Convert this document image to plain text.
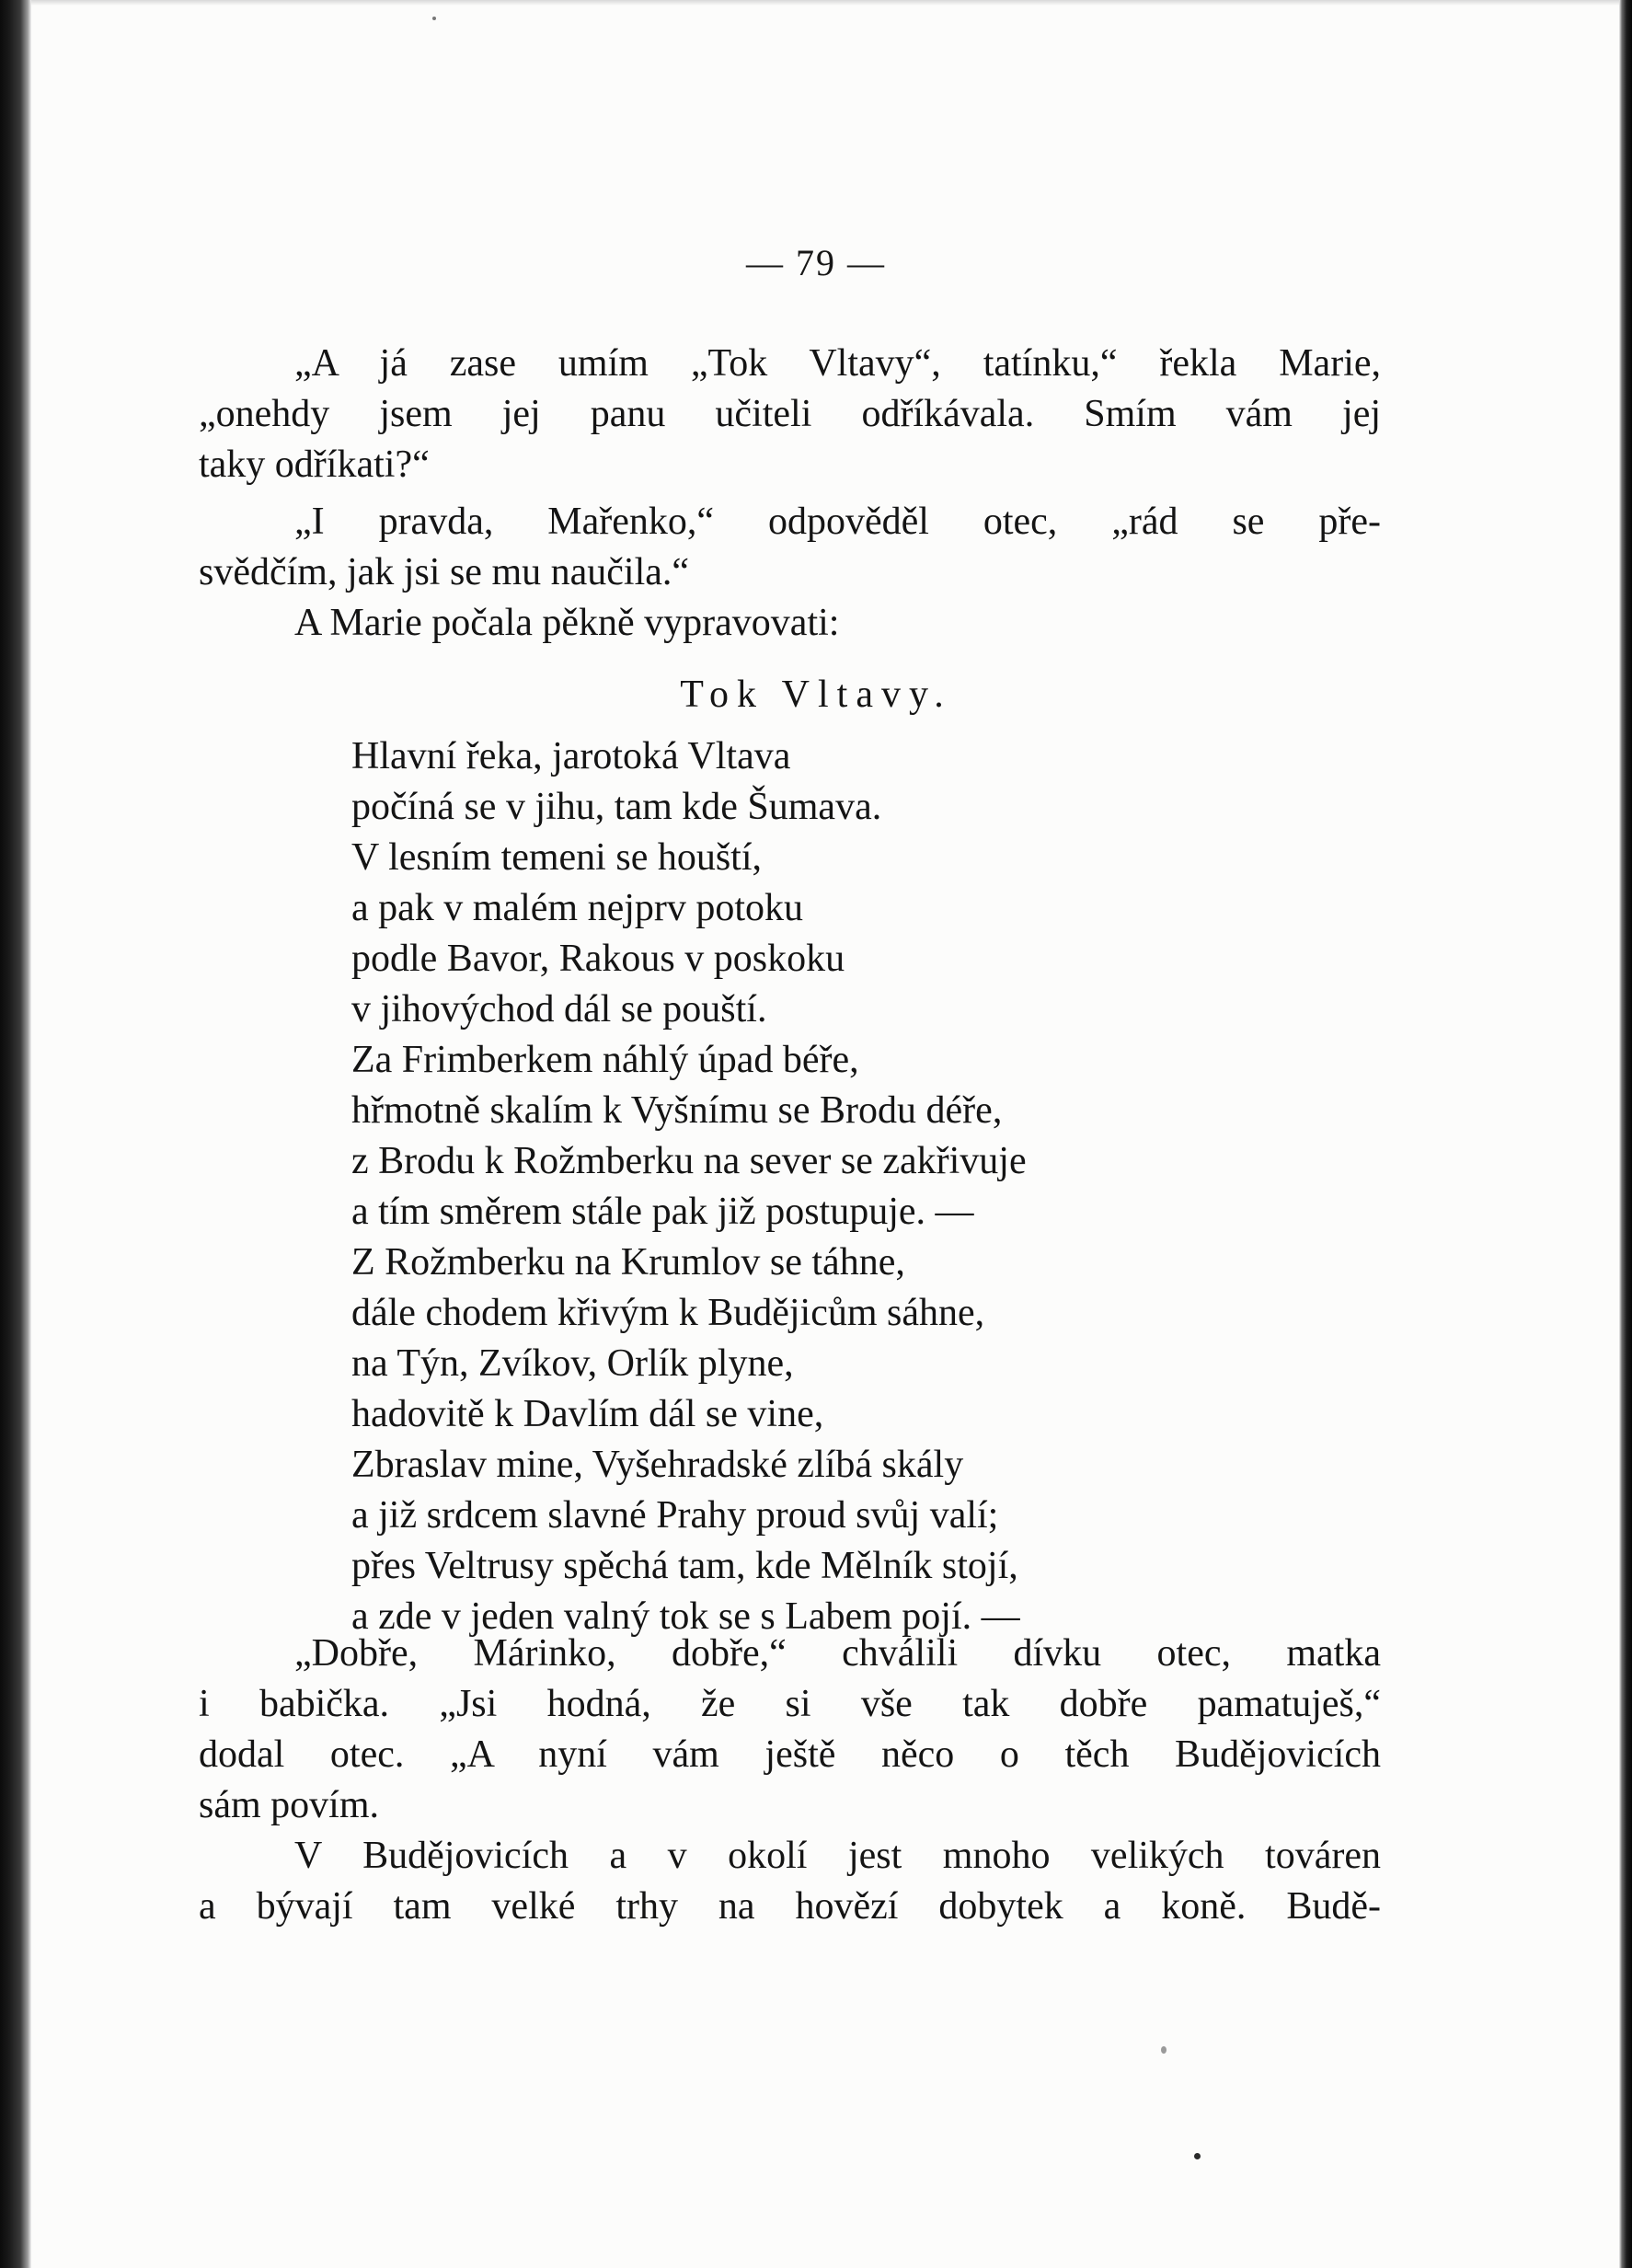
— 79 —
„A já zase umím „Tok Vltavy“, tatínku,“ řekla Marie,
„onehdy jsem jej panu učiteli odříkávala. Smím vám jej
taky odříkati?“
„I pravda, Mařenko,“ odpověděl otec, „rád se pře-
svědčím, jak jsi se mu naučila.“
A Marie počala pěkně vypravovati:
Tok Vltavy.
Hlavní řeka, jarotoká Vltava
počíná se v jihu, tam kde Šumava.
V lesním temeni se houští,
a pak v malém nejprv potoku
podle Bavor, Rakous v poskoku
v jihovýchod dál se pouští.
Za Frimberkem náhlý úpad béře,
hřmotně skalím k Vyšnímu se Brodu déře,
z Brodu k Rožmberku na sever se zakřivuje
a tím směrem stále pak již postupuje. —
Z Rožmberku na Krumlov se táhne,
dále chodem křivým k Budějicům sáhne,
na Týn, Zvíkov, Orlík plyne,
hadovitě k Davlím dál se vine,
Zbraslav mine, Vyšehradské zlíbá skály
a již srdcem slavné Prahy proud svůj valí;
přes Veltrusy spěchá tam, kde Mělník stojí,
a zde v jeden valný tok se s Labem pojí. —
„Dobře, Márinko, dobře,“ chválili dívku otec, matka
i babička. „Jsi hodná, že si vše tak dobře pamatuješ,“
dodal otec. „A nyní vám ještě něco o těch Budějovicích
sám povím.
V Budějovicích a v okolí jest mnoho velikých továren
a bývají tam velké trhy na hovězí dobytek a koně. Budě-
